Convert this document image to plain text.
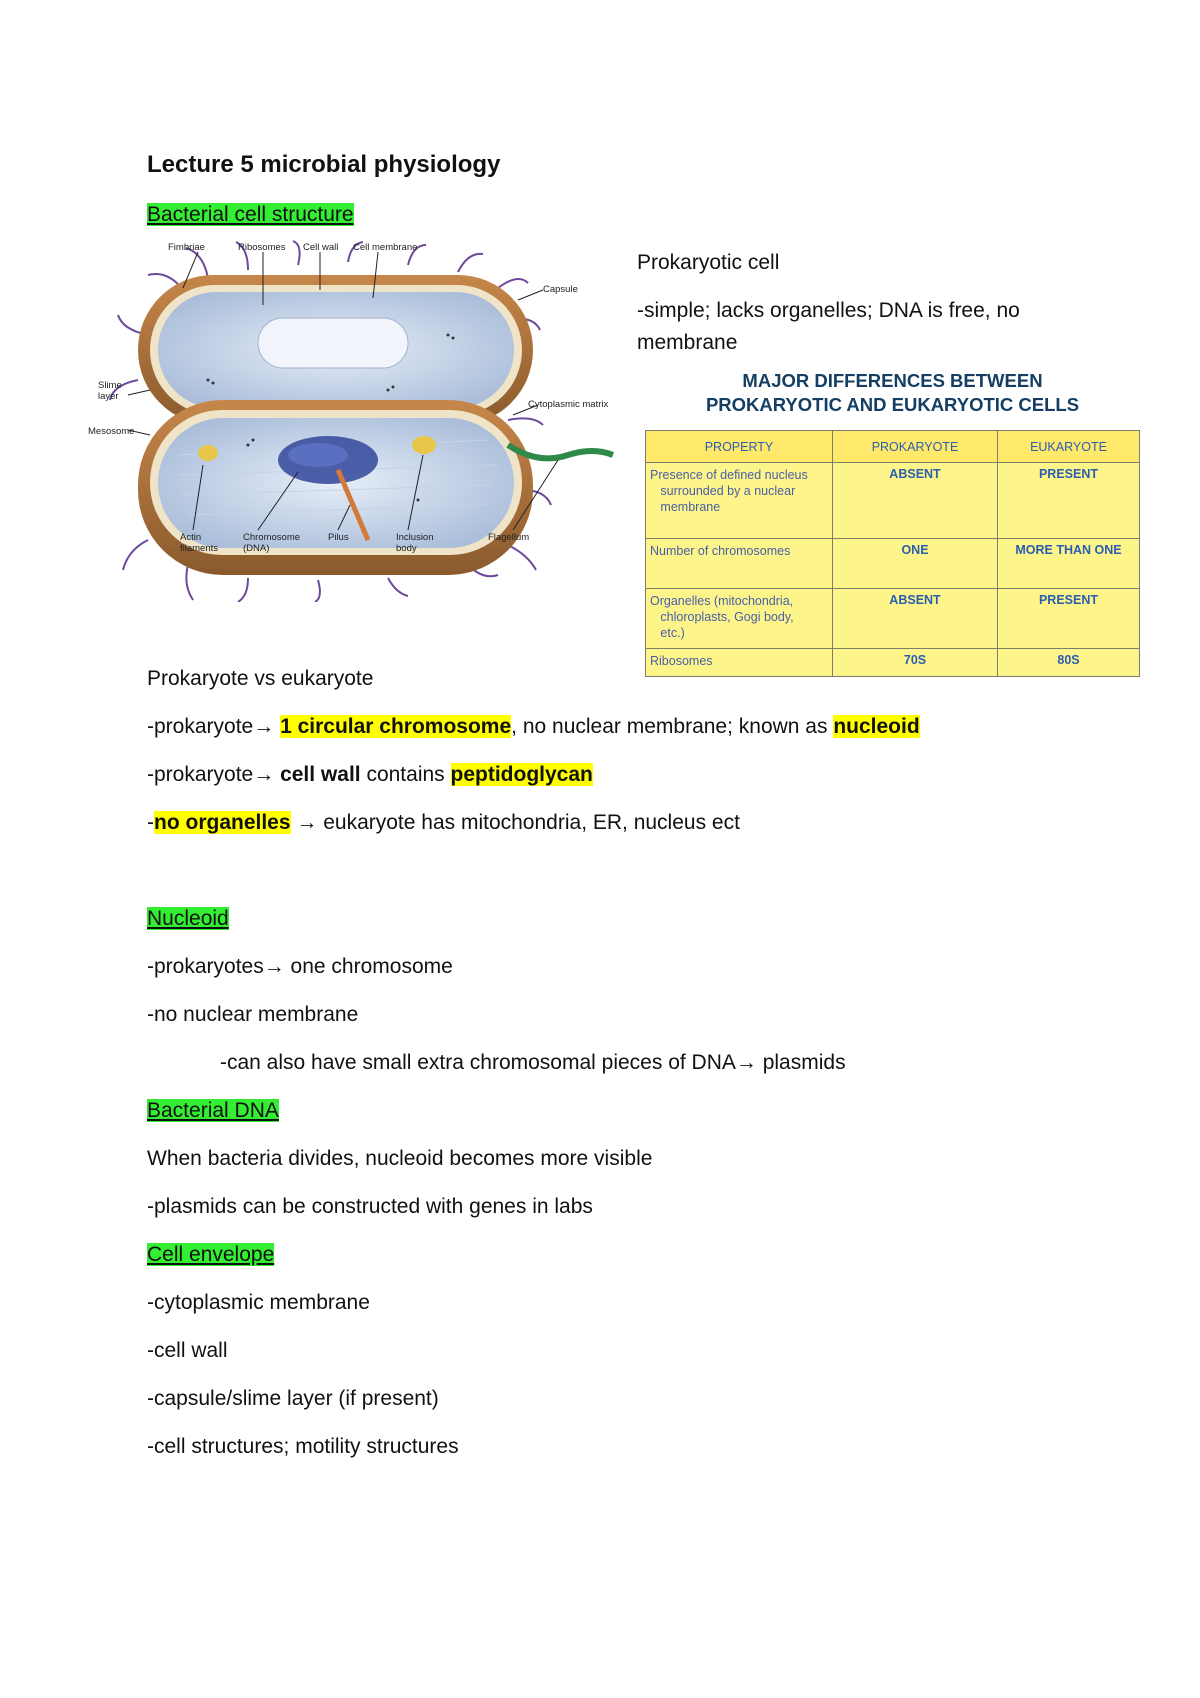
Lecture 5 microbial physiology
Bacterial cell structure
Fimbriae	Ribosomes Cell wall Cell membrane
Capsule
Slime
layer
Cytoplasmic matrix
Mesosome
Actin
filaments
Chromosome
(DNA)
Pilus	Inclusion
body
Flagellum
Prokaryotic cell
-simple; lacks organelles; DNA is free, no
membrane
MAJOR DIFFERENCES BETWEEN
PROKARYOTIC AND EUKARYOTIC CELLS
PROPERTY	PROKARYOTE	EUKARYOTE
Presence of defined nucleus
surrounded by a nuclear
membrane	ABSENT	PRESENT
Number of chromosomes	ONE	MORE THAN ONE
Organelles (mitochondria,
chloroplasts, Gogi body,
etc.)	ABSENT	PRESENT
Ribosomes	70S	80S
Prokaryote vs eukaryote
-prokaryote→ 1 circular chromosome, no nuclear membrane; known as nucleoid
-prokaryote→ cell wall contains peptidoglycan
-no organelles → eukaryote has mitochondria, ER, nucleus ect
Nucleoid
-prokaryotes→ one chromosome
-no nuclear membrane
-can also have small extra chromosomal pieces of DNA→ plasmids
Bacterial DNA
When bacteria divides, nucleoid becomes more visible
-plasmids can be constructed with genes in labs
Cell envelope
-cytoplasmic membrane
-cell wall
-capsule/slime layer (if present)
-cell structures; motility structures
